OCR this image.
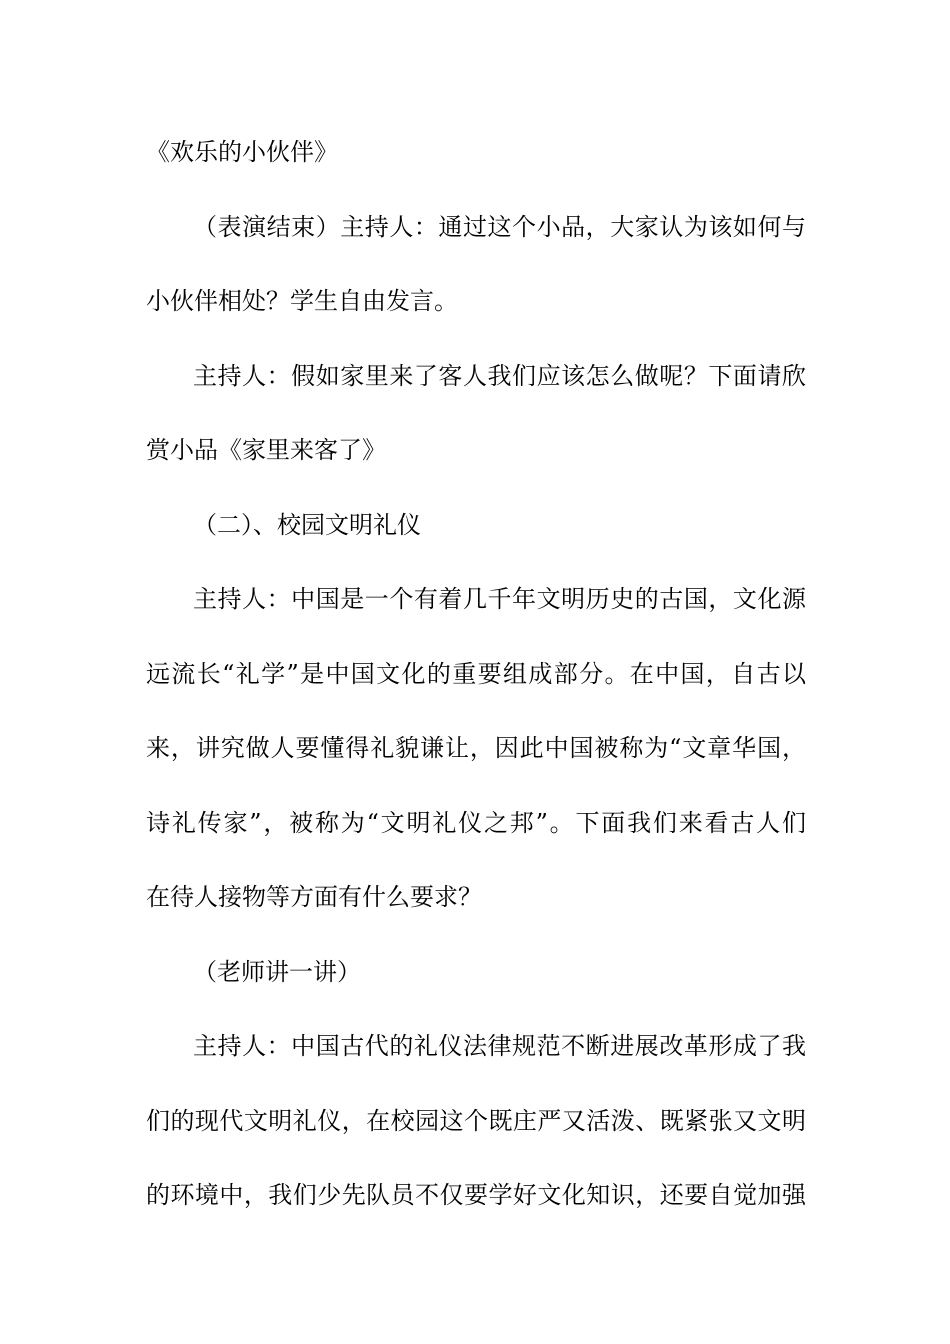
《欢乐的小伙伴》
（表演结束）主持人：通过这个小品，大家认为该如何与
小伙伴相处？学生自由发言。
主持人：假如家里来了客人我们应该怎么做呢？下面请欣
赏小品《家里来客了》
（二）、校园文明礼仪
主持人：中国是一个有着几千年文明历史的古国，文化源
远流长“礼学”是中国文化的重要组成部分。在中国，自古以
来，讲究做人要懂得礼貌谦让，因此中国被称为“文章华国，
诗礼传家”，被称为“文明礼仪之邦”。下面我们来看古人们
在待人接物等方面有什么要求？
（老师讲一讲）
主持人：中国古代的礼仪法律规范不断进展改革形成了我
们的现代文明礼仪，在校园这个既庄严又活泼、既紧张又文明
的环境中，我们少先队员不仅要学好文化知识，还要自觉加强
